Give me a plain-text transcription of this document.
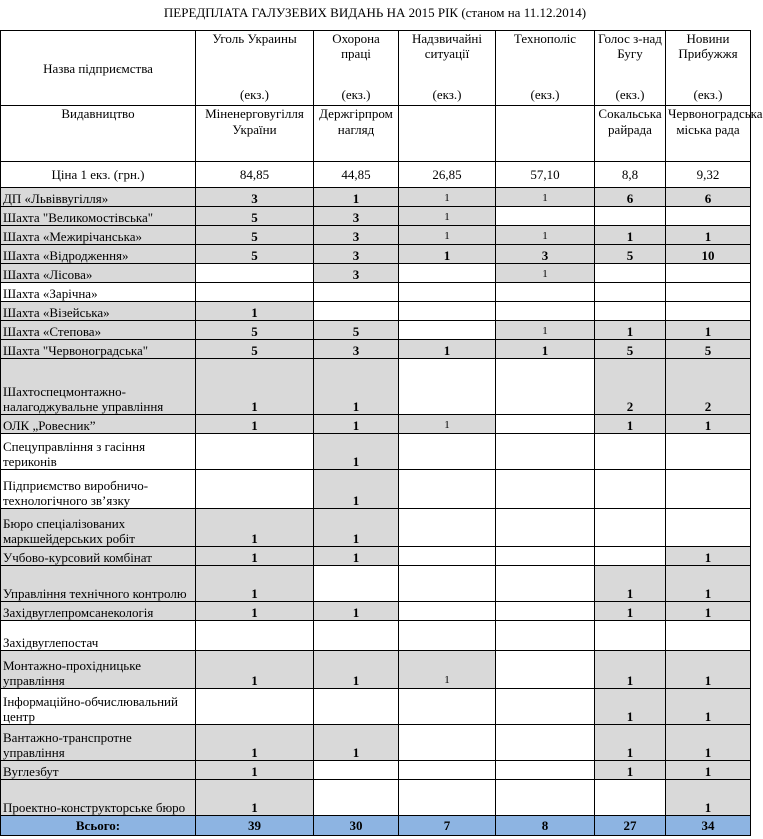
ПЕРЕДПЛАТА ГАЛУЗЕВИХ ВИДАНЬ НА 2015 РІК (станом на 11.12.2014)
Назва підприємства	Уголь Украины
(екз.)	Охорона праці
(екз.)	Надзвичайні ситуації
(екз.)	Технополіс
(екз.)	Голос з-над Бугу
(екз.)	Новини Прибужжя
(екз.)

Видавництво	Міненерговугілля України	Держгірпром нагляд			Сокальська райрада	Червоноградська міська рада
Ціна 1 екз. (грн.)	84,85	44,85	26,85	57,10	8,8	9,32
ДП «Львіввугілля»	3	1	1	1	6	6
Шахта "Великомостівська"	5	3	1			
Шахта «Межирічанська»	5	3	1	1	1	1
Шахта «Відродження»	5	3	1	3	5	10
Шахта «Лісова»		3		1		
Шахта «Зарічна»						
Шахта «Візейська»	1					
Шахта «Степова»	5	5		1	1	1
Шахта "Червоноградська"	5	3	1	1	5	5
Шахтоспецмонтажно-налагоджувальне управління	1	1			2	2
ОЛК „Ровесник”	1	1	1		1	1
Спецуправління з гасіння териконів		1				
Підприємство виробничо-технологічного зв’язку		1				
Бюро спеціалізованих маркшейдерських робіт	1	1				
Учбово-курсовий комбінат	1	1				1
Управління технічного контролю	1				1	1
Західвуглепромсанекологія	1	1			1	1
Західвуглепостач						
Монтажно-прохідницьке управління	1	1	1		1	1
Інформаційно-обчислювальний центр					1	1
Вантажно-транспротне управління	1	1			1	1
Вуглезбут	1				1	1
Проектно-конструкторське бюро	1					1
Всього:	39	30	7	8	27	34
